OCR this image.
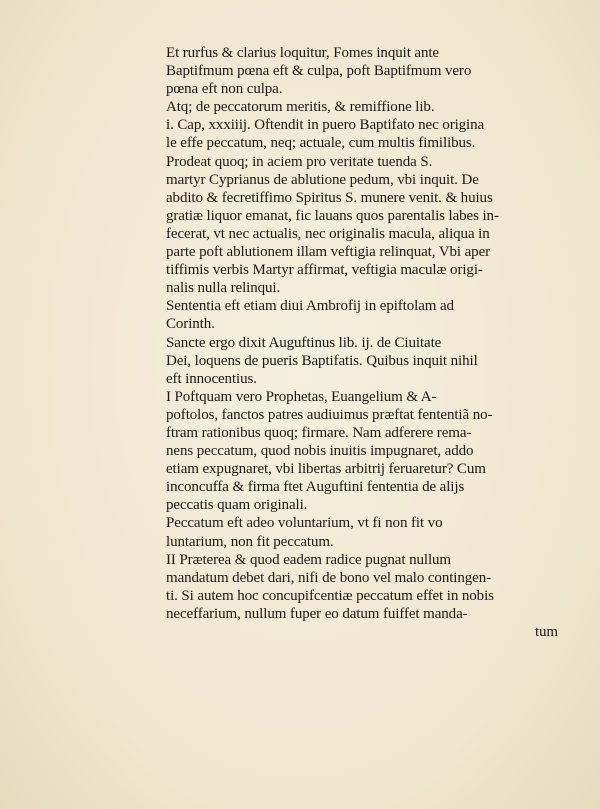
Et rurfus & clarius loquitur, Fomes inquit ante
Baptifmum pœna eft & culpa, poft Baptifmum vero
pœna eft non culpa.
Atq; de peccatorum meritis, & remiffione lib.
i. Cap, xxxiiij. Oftendit in puero Baptifato nec origina
le effe peccatum, neq; actuale, cum multis fimilibus.
Prodeat quoq; in aciem pro veritate tuenda S.
martyr Cyprianus de ablutione pedum, vbi inquit. De
abdito & fecretiffimo Spiritus S. munere venit. & huius
gratiæ liquor emanat, fic lauans quos parentalis labes in-
fecerat, vt nec actualis, nec originalis macula, aliqua in
parte poft ablutionem illam veftigia relinquat, Vbi aper
tiffimis verbis Martyr affirmat, veftigia maculæ origi-
nalis nulla relinqui.
Sententia eft etiam diui Ambrofij in epiftolam ad
Corinth.
Sancte ergo dixit Auguftinus lib. ij. de Ciuitate
Dei, loquens de pueris Baptifatis. Quibus inquit nihil
eft innocentius.
I Poftquam vero Prophetas, Euangelium & A-
poftolos, fanctos patres audiuimus præftat fententiã no-
ftram rationibus quoq; firmare. Nam adferere rema-
nens peccatum, quod nobis inuitis impugnaret, addo
etiam expugnaret, vbi libertas arbitrij feruaretur? Cum
inconcuffa & firma ftet Auguftini fententia de alijs
peccatis quam originali.
Peccatum eft adeo voluntarium, vt fi non fit vo
luntarium, non fit peccatum.
II Præterea & quod eadem radice pugnat nullum
mandatum debet dari, nifi de bono vel malo contingen-
ti. Si autem hoc concupifcentiæ peccatum effet in nobis
neceffarium, nullum fuper eo datum fuiffet manda-
tum
